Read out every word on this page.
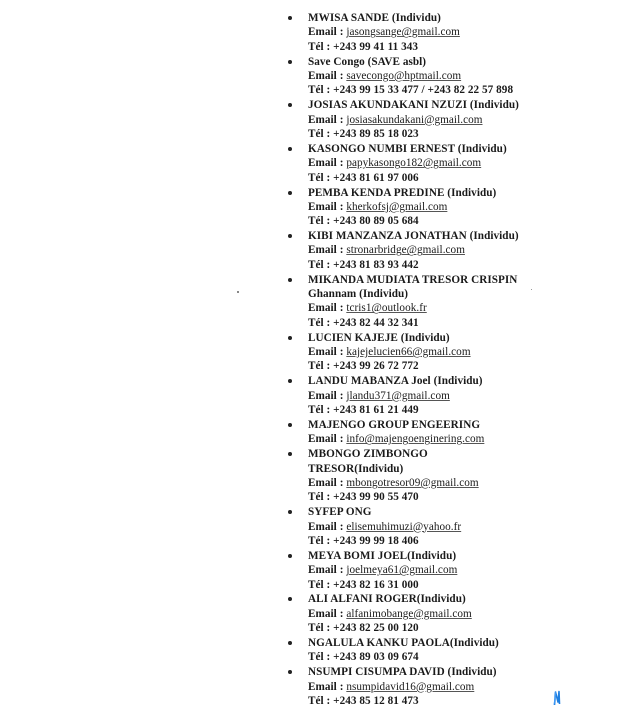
MWISA SANDE (Individu)
Email : jasongsange@gmail.com
Tél : +243 99 41 11 343
Save Congo (SAVE asbl)
Email : savecongo@hptmail.com
Tél : +243 99 15 33 477 / +243 82 22 57 898
JOSIAS AKUNDAKANI NZUZI (Individu)
Email : josiasakundakani@gmail.com
Tél : +243 89 85 18 023
KASONGO NUMBI ERNEST (Individu)
Email : papykasongo182@gmail.com
Tél : +243 81 61 97 006
PEMBA KENDA PREDINE (Individu)
Email : kherkofsj@gmail.com
Tél : +243 80 89 05 684
KIBI MANZANZA JONATHAN (Individu)
Email : stronarbridge@gmail.com
Tél : +243 81 83 93 442
MIKANDA MUDIATA TRESOR CRISPIN
Ghannam (Individu)
Email : tcris1@outlook.fr
Tél : +243 82 44 32 341
LUCIEN KAJEJE (Individu)
Email : kajejelucien66@gmail.com
Tél : +243 99 26 72 772
LANDU MABANZA Joel (Individu)
Email : jlandu371@gmail.com
Tél : +243 81 61 21 449
MAJENGO GROUP ENGEERING
Email : info@majengoenginering.com
MBONGO ZIMBONGO
TRESOR(Individu)
Email : mbongotresor09@gmail.com
Tél : +243 99 90 55 470
SYFEP ONG
Email : elisemuhimuzi@yahoo.fr
Tél : +243 99 99 18 406
MEYA BOMI JOEL(Individu)
Email : joelmeya61@gmail.com
Tél : +243 82 16 31 000
ALI ALFANI ROGER(Individu)
Email : alfanimobange@gmail.com
Tél : +243 82 25 00 120
NGALULA KANKU PAOLA(Individu)
Tél : +243 89 03 09 674
NSUMPI CISUMPA DAVID (Individu)
Email : nsumpidavid16@gmail.com
Tél : +243 85 12 81 473
